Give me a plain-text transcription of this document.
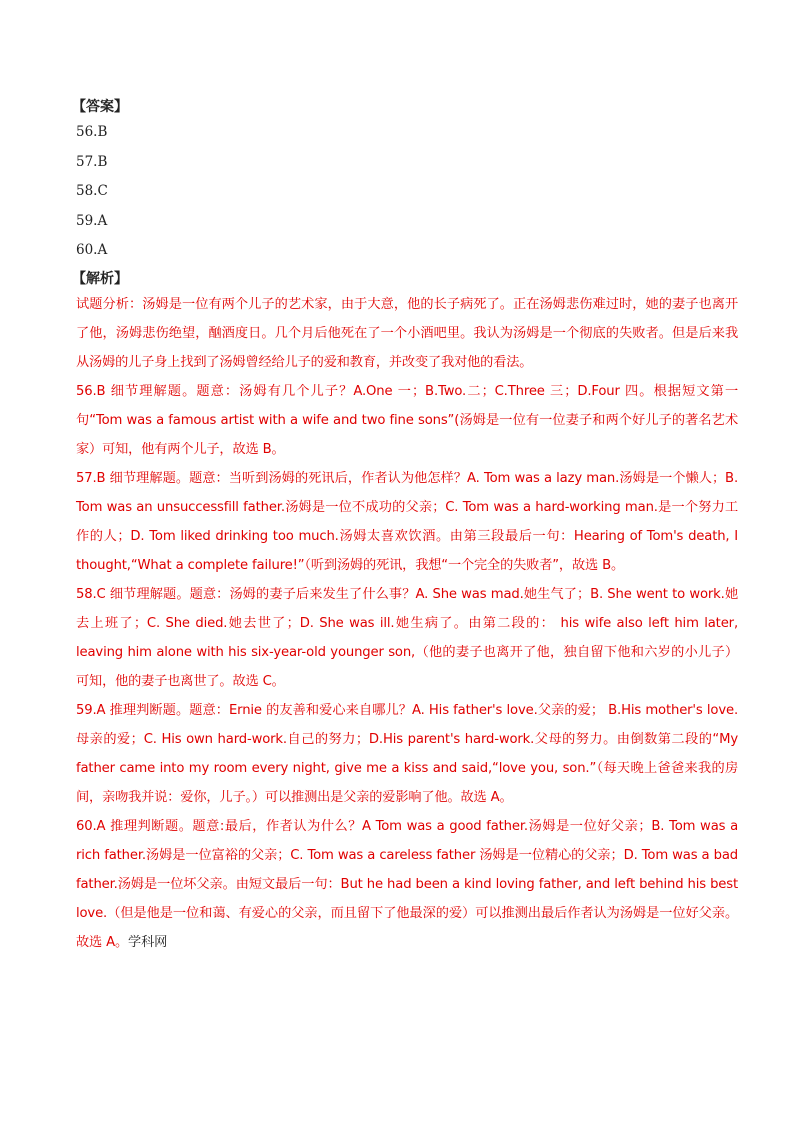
【答案】
56.B
57.B
58.C
59.A
60.A
【解析】
试题分析：汤姆是一位有两个儿子的艺术家，由于大意，他的长子病死了。正在汤姆悲伤难过时，她的妻子也离开了他，汤姆悲伤绝望，酗酒度日。几个月后他死在了一个小酒吧里。我认为汤姆是一个彻底的失败者。但是后来我从汤姆的儿子身上找到了汤姆曾经给儿子的爱和教育，并改变了我对他的看法。
56.B 细节理解题。题意：汤姆有几个儿子？A.One 一；B.Two.二；C.Three 三；D.Four 四。根据短文第一句“Tom was a famous artist with a wife and two fine sons”(汤姆是一位有一位妻子和两个好儿子的著名艺术家）可知，他有两个儿子，故选 B。
57.B 细节理解题。题意：当听到汤姆的死讯后，作者认为他怎样？A. Tom was a lazy man.汤姆是一个懒人；B. Tom was an unsuccessfill father.汤姆是一位不成功的父亲；C. Tom was a hard-working man.是一个努力工作的人；D. Tom liked drinking too much.汤姆太喜欢饮酒。由第三段最后一句：Hearing of Tom's death, I thought,“What a complete failure!”（听到汤姆的死讯，我想“一个完全的失败者”，故选 B。
58.C 细节理解题。题意：汤姆的妻子后来发生了什么事？A. She was mad.她生气了；B. She went to work.她去上班了；C. She died.她去世了；D. She was ill.她生病了。由第二段的： his wife also left him later, leaving him alone with his six-year-old younger son,（他的妻子也离开了他，独自留下他和六岁的小儿子）可知，他的妻子也离世了。故选 C。
59.A 推理判断题。题意：Ernie 的友善和爱心来自哪儿？A. His father's love.父亲的爱； B.His mother's love.母亲的爱；C. His own hard-work.自己的努力；D.His parent's hard-work.父母的努力。由倒数第二段的“My father came into my room every night, give me a kiss and said,“love you, son.”（每天晚上爸爸来我的房间，亲吻我并说：爱你，儿子。）可以推测出是父亲的爱影响了他。故选 A。
60.A 推理判断题。题意:最后，作者认为什么？A Tom was a good father.汤姆是一位好父亲；B. Tom was a rich father.汤姆是一位富裕的父亲；C. Tom was a careless father 汤姆是一位精心的父亲；D. Tom was a bad father.汤姆是一位坏父亲。由短文最后一句：But he had been a kind loving father, and left behind his best love.（但是他是一位和蔼、有爱心的父亲，而且留下了他最深的爱）可以推测出最后作者认为汤姆是一位好父亲。故选 A。学科网
